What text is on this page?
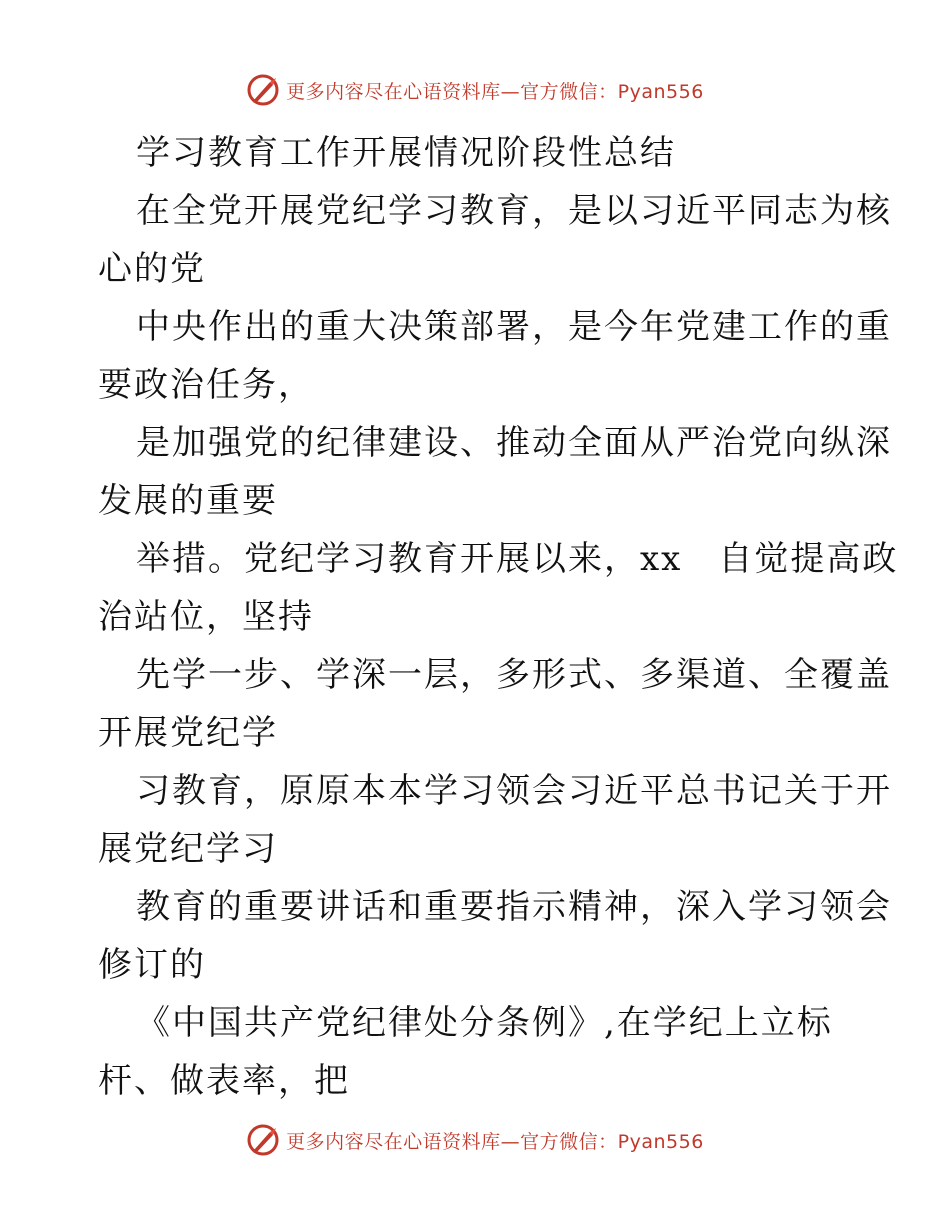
更多内容尽在心语资料库—官方微信：Pyan556
学习教育工作开展情况阶段性总结
在全党开展党纪学习教育，是以习近平同志为核
心的党
中央作出的重大决策部署，是今年党建工作的重
要政治任务，
是加强党的纪律建设、推动全面从严治党向纵深
发展的重要
举措。党纪学习教育开展以来，xx　自觉提高政
治站位，坚持
先学一步、学深一层，多形式、多渠道、全覆盖
开展党纪学
习教育，原原本本学习领会习近平总书记关于开
展党纪学习
教育的重要讲话和重要指示精神，深入学习领会
修订的
《中国共产党纪律处分条例》,在学纪上立标
杆、做表率，把
更多内容尽在心语资料库—官方微信：Pyan556
